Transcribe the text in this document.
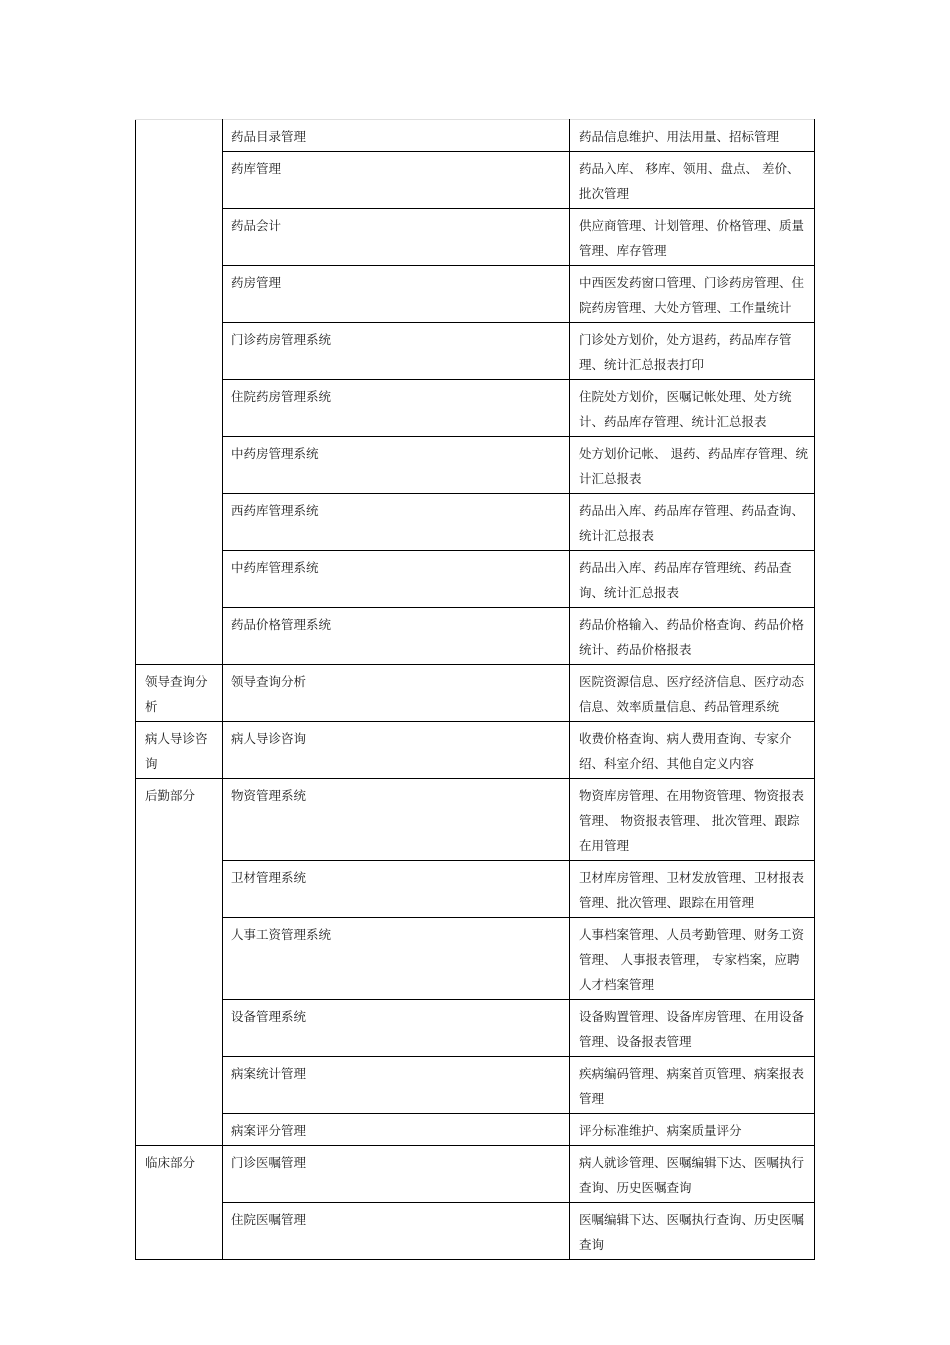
	药品目录管理	药品信息维护、用法用量、招标管理
	药库管理	药品入库、 移库、领用、盘点、 差价、批次管理
	药品会计	供应商管理、计划管理、价格管理、质量管理、库存管理
	药房管理	中西医发药窗口管理、门诊药房管理、住院药房管理、大处方管理、工作量统计
	门诊药房管理系统	门诊处方划价，处方退药，药品库存管理、统计汇总报表打印
	住院药房管理系统	住院处方划价，医嘱记帐处理、处方统计、药品库存管理、统计汇总报表
	中药房管理系统	处方划价记帐、 退药、药品库存管理、统计汇总报表
	西药库管理系统	药品出入库、药品库存管理、药品查询、统计汇总报表
	中药库管理系统	药品出入库、药品库存管理统、药品查询、统计汇总报表
	药品价格管理系统	药品价格输入、药品价格查询、药品价格统计、药品价格报表
领导查询分析	领导查询分析	医院资源信息、医疗经济信息、医疗动态信息、效率质量信息、药品管理系统
病人导诊咨询	病人导诊咨询	收费价格查询、病人费用查询、专家介绍、科室介绍、其他自定义内容
后勤部分	物资管理系统	物资库房管理、在用物资管理、物资报表管理、 物资报表管理、 批次管理、跟踪在用管理
	卫材管理系统	卫材库房管理、卫材发放管理、卫材报表管理、批次管理、跟踪在用管理
	人事工资管理系统	人事档案管理、人员考勤管理、财务工资管理、 人事报表管理， 专家档案，应聘人才档案管理
	设备管理系统	设备购置管理、设备库房管理、在用设备管理、设备报表管理
	病案统计管理	疾病编码管理、病案首页管理、病案报表管理
	病案评分管理	评分标准维护、病案质量评分
临床部分	门诊医嘱管理	病人就诊管理、医嘱编辑下达、医嘱执行查询、历史医嘱查询
	住院医嘱管理	医嘱编辑下达、医嘱执行查询、历史医嘱查询
